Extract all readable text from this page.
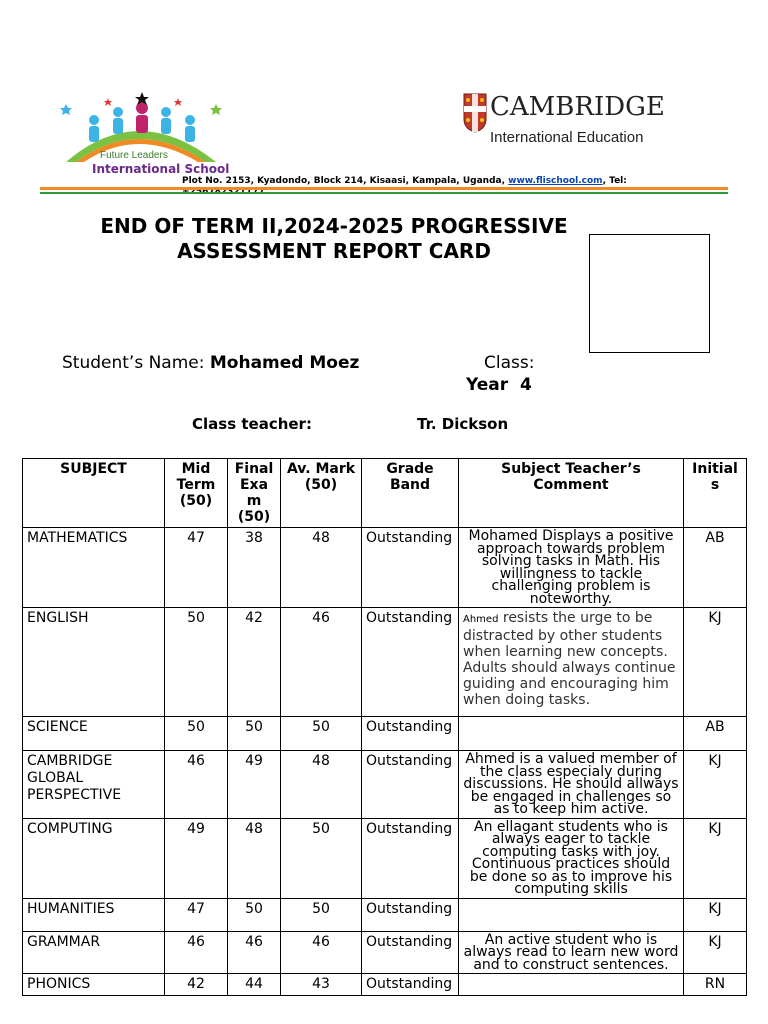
Future Leaders
International School
CAMBRIDGE
International Education
Plot No. 2153, Kyadondo, Block 214, Kisaasi, Kampala, Uganda, www.flischool.com, Tel:
END OF TERM II,2024-2025 PROGRESSIVE
ASSESSMENT REPORT CARD
Student’s Name: Mohamed Moez	Class:
Year  4
Class teacher:	Tr. Dickson
SUBJECT	Mid Term (50)	Final Exa m (50)	Av. Mark (50)	Grade Band	Subject Teacher’s Comment	Initial s
MATHEMATICS	47	38	48	Outstanding	Mohamed Displays a positive approach towards problem solving tasks in Math. His willingness to tackle challenging problem is noteworthy.	AB
ENGLISH	50	42	46	Outstanding	Ahmed resists the urge to be distracted by other students when learning new concepts. Adults should always continue guiding and encouraging him when doing tasks.	KJ
SCIENCE	50	50	50	Outstanding		AB
CAMBRIDGE GLOBAL PERSPECTIVE	46	49	48	Outstanding	Ahmed is a valued member of the class especialy during discussions. He should allways be engaged in challenges so as to keep him active.	KJ
COMPUTING	49	48	50	Outstanding	An ellagant students who is always eager to tackle computing tasks with joy. Continuous practices should be done so as to improve his computing skills	KJ
HUMANITIES	47	50	50	Outstanding		KJ
GRAMMAR	46	46	46	Outstanding	An active student who is always read to learn new word and to construct sentences.	KJ
PHONICS	42	44	43	Outstanding		RN
